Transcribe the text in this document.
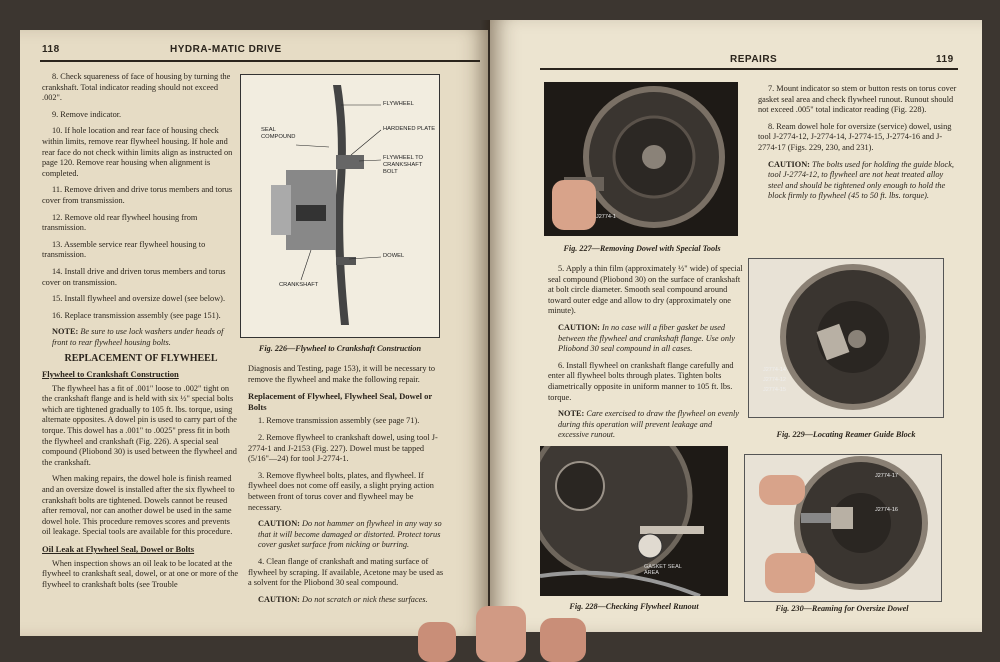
118	HYDRA-MATIC DRIVE

8. Check squareness of face of housing by turning the crankshaft. Total indicator reading should not exceed .002".

9. Remove indicator.

10. If hole location and rear face of housing check within limits, remove rear flywheel housing. If hole and rear face do not check within limits align as instructed on page 120. Remove rear housing when alignment is completed.

11. Remove driven and drive torus members and torus cover from transmission.

12. Remove old rear flywheel housing from transmission.

13. Assemble service rear flywheel housing to transmission.

14. Install drive and driven torus members and torus cover on transmission.

15. Install flywheel and oversize dowel (see below).

16. Replace transmission assembly (see page 151).

NOTE: Be sure to use lock washers under heads of front to rear flywheel housing bolts.

REPLACEMENT OF FLYWHEEL
Flywheel to Crankshaft Construction

The flywheel has a fit of .001" loose to .002" tight on the crankshaft flange and is held with six ½" special bolts which are tightened gradually to 105 ft. lbs. torque, using alternate opposites. A dowel pin is used to carry part of the torque. This dowel has a .001" to .0025" press fit in both the flywheel and crankshaft (Fig. 226). A special seal compound (Pliobond 30) is used between the flywheel and the crankshaft.

When making repairs, the dowel hole is finish reamed and an oversize dowel is installed after the six flywheel to crankshaft bolts are tightened. Dowels cannot be reused after removal, nor can another dowel be used in the same dowel hole. This procedure removes scores and prevents oil leakage. Special tools are available for this procedure.

Oil Leak at Flywheel Seal, Dowel or Bolts

When inspection shows an oil leak to be located at the flywheel to crankshaft seal, dowel, or at one or more of the flywheel to crankshaft bolts (see Trouble

FLYWHEEL
SEAL COMPOUND
HARDENED PLATE
FLYWHEEL TO CRANKSHAFT BOLT
DOWEL
CRANKSHAFT
Fig. 226—Flywheel to Crankshaft Construction

Diagnosis and Testing, page 153), it will be necessary to remove the flywheel and make the following repair.

Replacement of Flywheel, Flywheel Seal, Dowel or Bolts

1. Remove transmission assembly (see page 71).

2. Remove flywheel to crankshaft dowel, using tool J-2774-1 and J-2153 (Fig. 227). Dowel must be tapped (5/16"—24) for tool J-2774-1.

3. Remove flywheel bolts, plates, and flywheel. If flywheel does not come off easily, a slight prying action between front of torus cover and flywheel may be necessary.

CAUTION: Do not hammer on flywheel in any way so that it will become damaged or distorted. Protect torus cover gasket surface from nicking or burring.

4. Clean flange of crankshaft and mating surface of flywheel by scraping. If available, Acetone may be used as a solvent for the Pliobond 30 seal compound.

CAUTION: Do not scratch or nick these surfaces.

REPAIRS	119
J2774-1
Fig. 227—Removing Dowel with Special Tools

5. Apply a thin film (approximately ½" wide) of special seal compound (Pliobond 30) on the surface of crankshaft at bolt circle diameter. Smooth seal compound around toward outer edge and allow to dry (approximately one minute).

CAUTION: In no case will a fiber gasket be used between the flywheel and crankshaft flange. Use only Pliobond 30 seal compound in all cases.

6. Install flywheel on crankshaft flange carefully and enter all flywheel bolts through plates. Tighten bolts diametrically opposite in uniform manner to 105 ft. lbs. torque.

NOTE: Care exercised to draw the flywheel on evenly during this operation will prevent leakage and excessive runout.

GASKET SEAL AREA
Fig. 228—Checking Flywheel Runout

7. Mount indicator so stem or button rests on torus cover gasket seal area and check flywheel runout. Runout should not exceed .005" total indicator reading (Fig. 228).

8. Ream dowel hole for oversize (service) dowel, using tool J-2774-12, J-2774-14, J-2774-15, J-2774-16 and J-2774-17 (Figs. 229, 230, and 231).

CAUTION: The bolts used for holding the guide block, tool J-2774-12, to flywheel are not heat treated alloy steel and should be tightened only enough to hold the block firmly to flywheel (45 to 50 ft. lbs. torque).

J2774-14
J2774-12
J2774-15
Fig. 229—Locating Reamer Guide Block
J2774-17
J2774-16
Fig. 230—Reaming for Oversize Dowel
